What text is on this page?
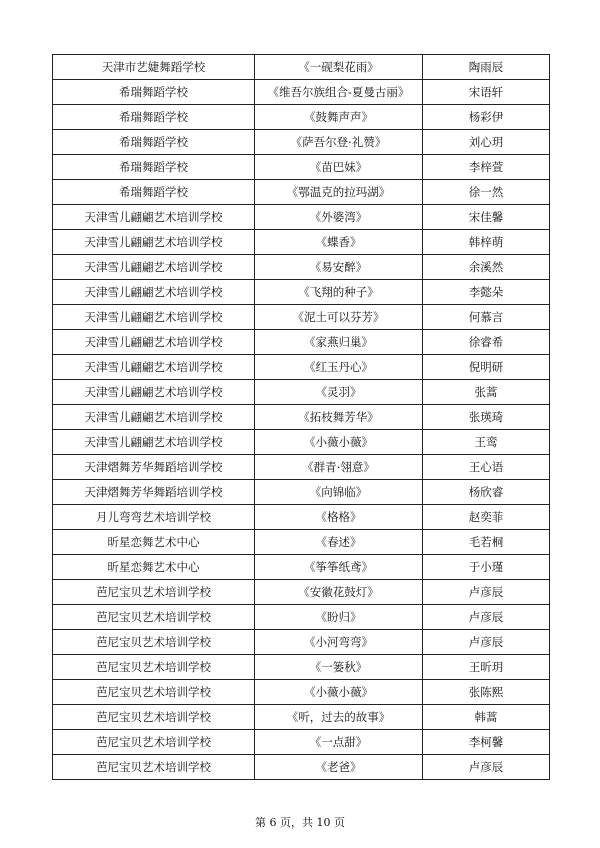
天津市艺婕舞蹈学校	《一砚梨花雨》	陶雨辰
希瑞舞蹈学校	《维吾尔族组合-夏曼古丽》	宋语轩
希瑞舞蹈学校	《鼓舞声声》	杨彩伊
希瑞舞蹈学校	《萨吾尔登·礼赞》	刘心玥
希瑞舞蹈学校	《苗巴妹》	李梓萱
希瑞舞蹈学校	《鄂温克的拉玛湖》	徐一然
天津雪儿翩翩艺术培训学校	《外婆湾》	宋佳馨
天津雪儿翩翩艺术培训学校	《蝶香》	韩梓萌
天津雪儿翩翩艺术培训学校	《易安醉》	余溪然
天津雪儿翩翩艺术培训学校	《飞翔的种子》	李懿朵
天津雪儿翩翩艺术培训学校	《泥土可以芬芳》	何慕言
天津雪儿翩翩艺术培训学校	《家燕归巢》	徐睿希
天津雪儿翩翩艺术培训学校	《红玉丹心》	倪明研
天津雪儿翩翩艺术培训学校	《灵羽》	张蒿
天津雪儿翩翩艺术培训学校	《拓枝舞芳华》	张瑛琦
天津雪儿翩翩艺术培训学校	《小薇小薇》	王鸾
天津熠舞芳华舞蹈培训学校	《群青·翎意》	王心语
天津熠舞芳华舞蹈培训学校	《向锦临》	杨欣睿
月儿弯弯艺术培训学校	《格格》	赵奕菲
昕星恋舞艺术中心	《春述》	毛若桐
昕星恋舞艺术中心	《筝筝纸鸢》	于小瑾
芭尼宝贝艺术培训学校	《安徽花鼓灯》	卢彦辰
芭尼宝贝艺术培训学校	《盼归》	卢彦辰
芭尼宝贝艺术培训学校	《小河弯弯》	卢彦辰
芭尼宝贝艺术培训学校	《一篓秋》	王昕玥
芭尼宝贝艺术培训学校	《小薇小薇》	张陈熙
芭尼宝贝艺术培训学校	《听，过去的故事》	韩蒿
芭尼宝贝艺术培训学校	《一点甜》	李柯馨
芭尼宝贝艺术培训学校	《老爸》	卢彦辰
第 6 页，共 10 页
